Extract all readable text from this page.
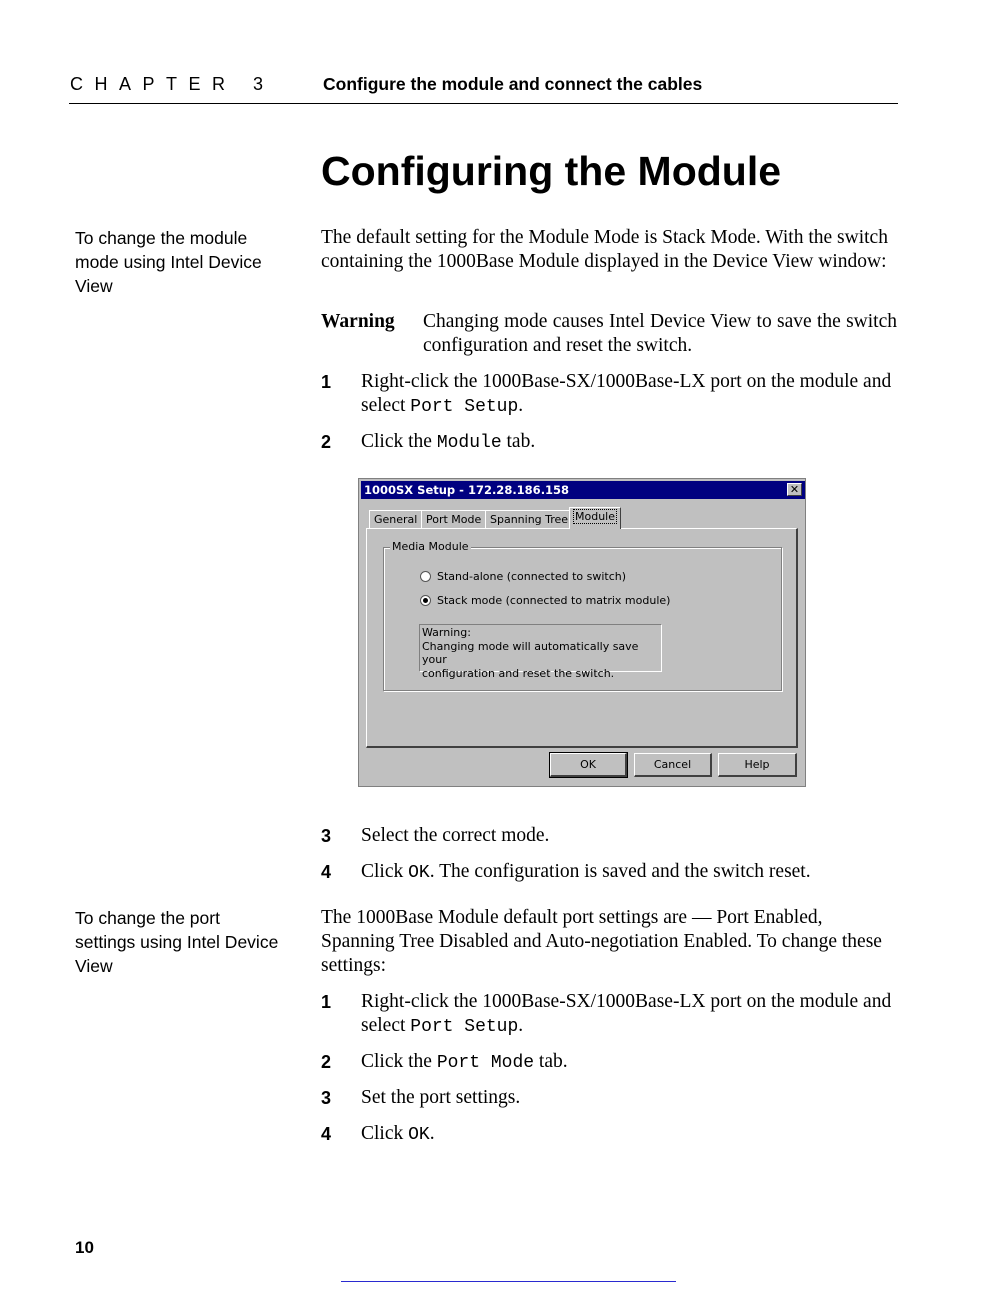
CHAPTER 3	Configure the module and connect the cables
Configuring the Module
To change the module mode using Intel Device View
The default setting for the Module Mode is Stack Mode. With the switch containing the 1000Base Module displayed in the Device View window:
Warning Changing mode causes Intel Device View to save the switch configuration and reset the switch.
1 Right-click the 1000Base-SX/1000Base-LX port on the module and select Port Setup.
2 Click the Module tab.
1000SX Setup - 172.28.186.158	✕
General Port Mode Spanning Tree Module
Media Module
Stand-alone (connected to switch)
Stack mode (connected to matrix module)
Warning:
Changing mode will automatically save your
configuration and reset the switch.
OK	Cancel	Help
3 Select the correct mode.
4 Click OK. The configuration is saved and the switch reset.
To change the port settings using Intel Device View
The 1000Base Module default port settings are — Port Enabled, Spanning Tree Disabled and Auto-negotiation Enabled. To change these settings:
1 Right-click the 1000Base-SX/1000Base-LX port on the module and select Port Setup.
2 Click the Port Mode tab.
3 Set the port settings.
4 Click OK.
10
